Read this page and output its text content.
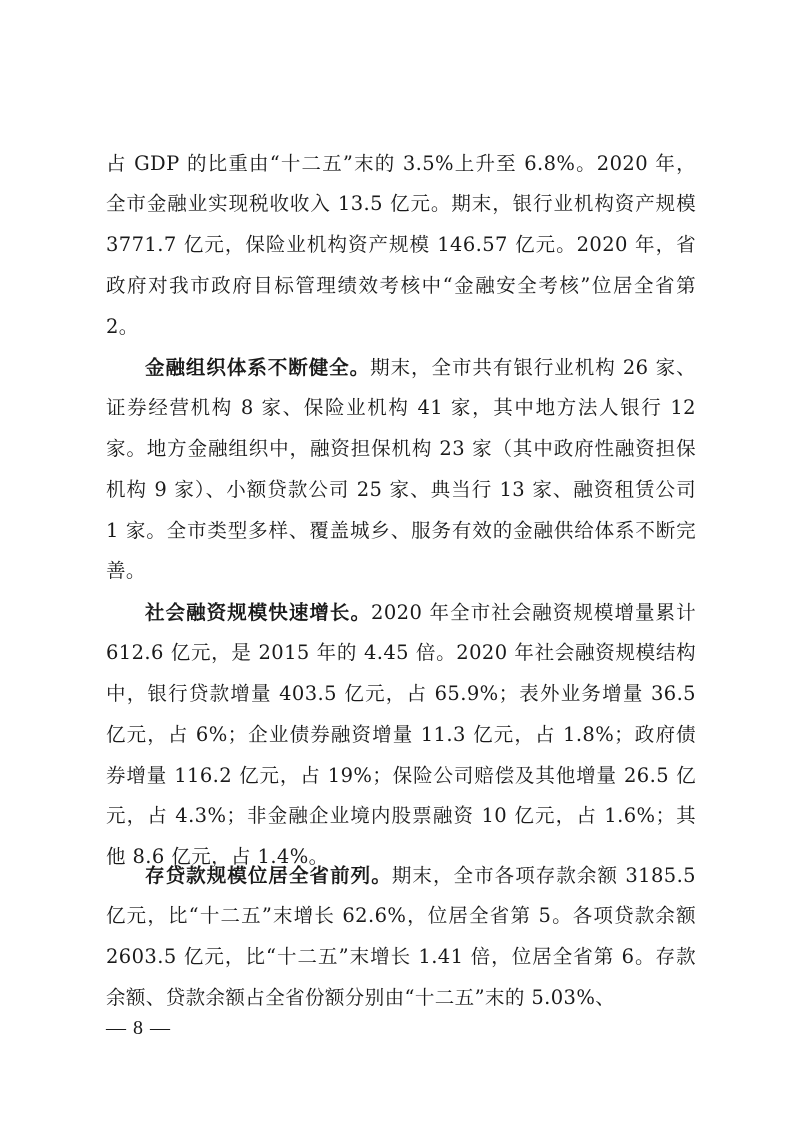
占 GDP 的比重由“十二五”末的 3.5%上升至 6.8%。2020 年，全市金融业实现税收收入 13.5 亿元。期末，银行业机构资产规模 3771.7 亿元，保险业机构资产规模 146.57 亿元。2020 年，省政府对我市政府目标管理绩效考核中“金融安全考核”位居全省第 2。

金融组织体系不断健全。期末，全市共有银行业机构 26 家、证券经营机构 8 家、保险业机构 41 家，其中地方法人银行 12 家。地方金融组织中，融资担保机构 23 家（其中政府性融资担保机构 9 家）、小额贷款公司 25 家、典当行 13 家、融资租赁公司 1 家。全市类型多样、覆盖城乡、服务有效的金融供给体系不断完善。

社会融资规模快速增长。2020 年全市社会融资规模增量累计 612.6 亿元，是 2015 年的 4.45 倍。2020 年社会融资规模结构中，银行贷款增量 403.5 亿元，占 65.9%；表外业务增量 36.5 亿元，占 6%；企业债券融资增量 11.3 亿元，占 1.8%；政府债券增量 116.2 亿元，占 19%；保险公司赔偿及其他增量 26.5 亿元，占 4.3%；非金融企业境内股票融资 10 亿元，占 1.6%；其他 8.6 亿元，占 1.4%。

存贷款规模位居全省前列。期末，全市各项存款余额 3185.5 亿元，比“十二五”末增长 62.6%，位居全省第 5。各项贷款余额 2603.5 亿元，比“十二五”末增长 1.41 倍，位居全省第 6。存款余额、贷款余额占全省份额分别由“十二五”末的 5.03%、

— 8 —
